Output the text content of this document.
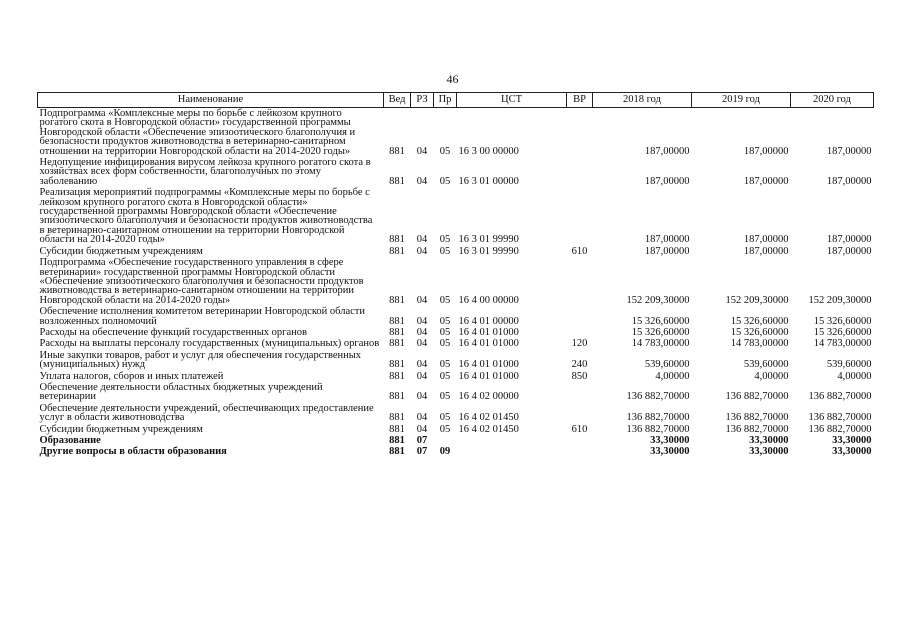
46
Наименование	Вед	РЗ	Пр	ЦСТ	ВР	2018 год	2019 год	2020 год
Подпрограмма «Комплексные меры по борьбе с лейкозом крупного рогатого скота в Новгородской области» государственной программы Новгородской области «Обеспечение эпизоотического благополучия и безопасности продуктов животноводства в ветеринарно-санитарном отношении на территории Новгородской области на 2014-2020 годы»	881	04	05	16 3 00 00000		187,00000	187,00000	187,00000
Недопущение инфицирования вирусом лейкоза крупного рогатого скота в хозяйствах всех форм собственности, благополучных по этому заболеванию	881	04	05	16 3 01 00000		187,00000	187,00000	187,00000
Реализация мероприятий подпрограммы «Комплексные меры по борьбе с лейкозом крупного рогатого скота в Новгородской области» государственной программы Новгородской области «Обеспечение эпизоотического благополучия и безопасности продуктов животноводства в ветеринарно-санитарном отношении на территории Новгородской области на 2014-2020 годы»	881	04	05	16 3 01 99990		187,00000	187,00000	187,00000
Субсидии бюджетным учреждениям	881	04	05	16 3 01 99990	610	187,00000	187,00000	187,00000
Подпрограмма «Обеспечение государственного управления в сфере ветеринарии» государственной программы Новгородской области «Обеспечение эпизоотического благополучия и безопасности продуктов животноводства в ветеринарно-санитарном отношении на территории Новгородской области на 2014-2020 годы»	881	04	05	16 4 00 00000		152 209,30000	152 209,30000	152 209,30000
Обеспечение исполнения комитетом ветеринарии Новгородской области возложенных полномочий	881	04	05	16 4 01 00000		15 326,60000	15 326,60000	15 326,60000
Расходы на обеспечение функций государственных органов	881	04	05	16 4 01 01000		15 326,60000	15 326,60000	15 326,60000
Расходы на выплаты персоналу государственных (муниципальных) органов	881	04	05	16 4 01 01000	120	14 783,00000	14 783,00000	14 783,00000
Иные закупки товаров, работ и услуг для обеспечения государственных (муниципальных) нужд	881	04	05	16 4 01 01000	240	539,60000	539,60000	539,60000
Уплата налогов, сборов и иных платежей	881	04	05	16 4 01 01000	850	4,00000	4,00000	4,00000
Обеспечение деятельности областных бюджетных учреждений ветеринарии	881	04	05	16 4 02 00000		136 882,70000	136 882,70000	136 882,70000
Обеспечение деятельности учреждений, обеспечивающих предоставление услуг в области животноводства	881	04	05	16 4 02 01450		136 882,70000	136 882,70000	136 882,70000
Субсидии бюджетным учреждениям	881	04	05	16 4 02 01450	610	136 882,70000	136 882,70000	136 882,70000
Образование	881	07				33,30000	33,30000	33,30000
Другие вопросы в области образования	881	07	09			33,30000	33,30000	33,30000
